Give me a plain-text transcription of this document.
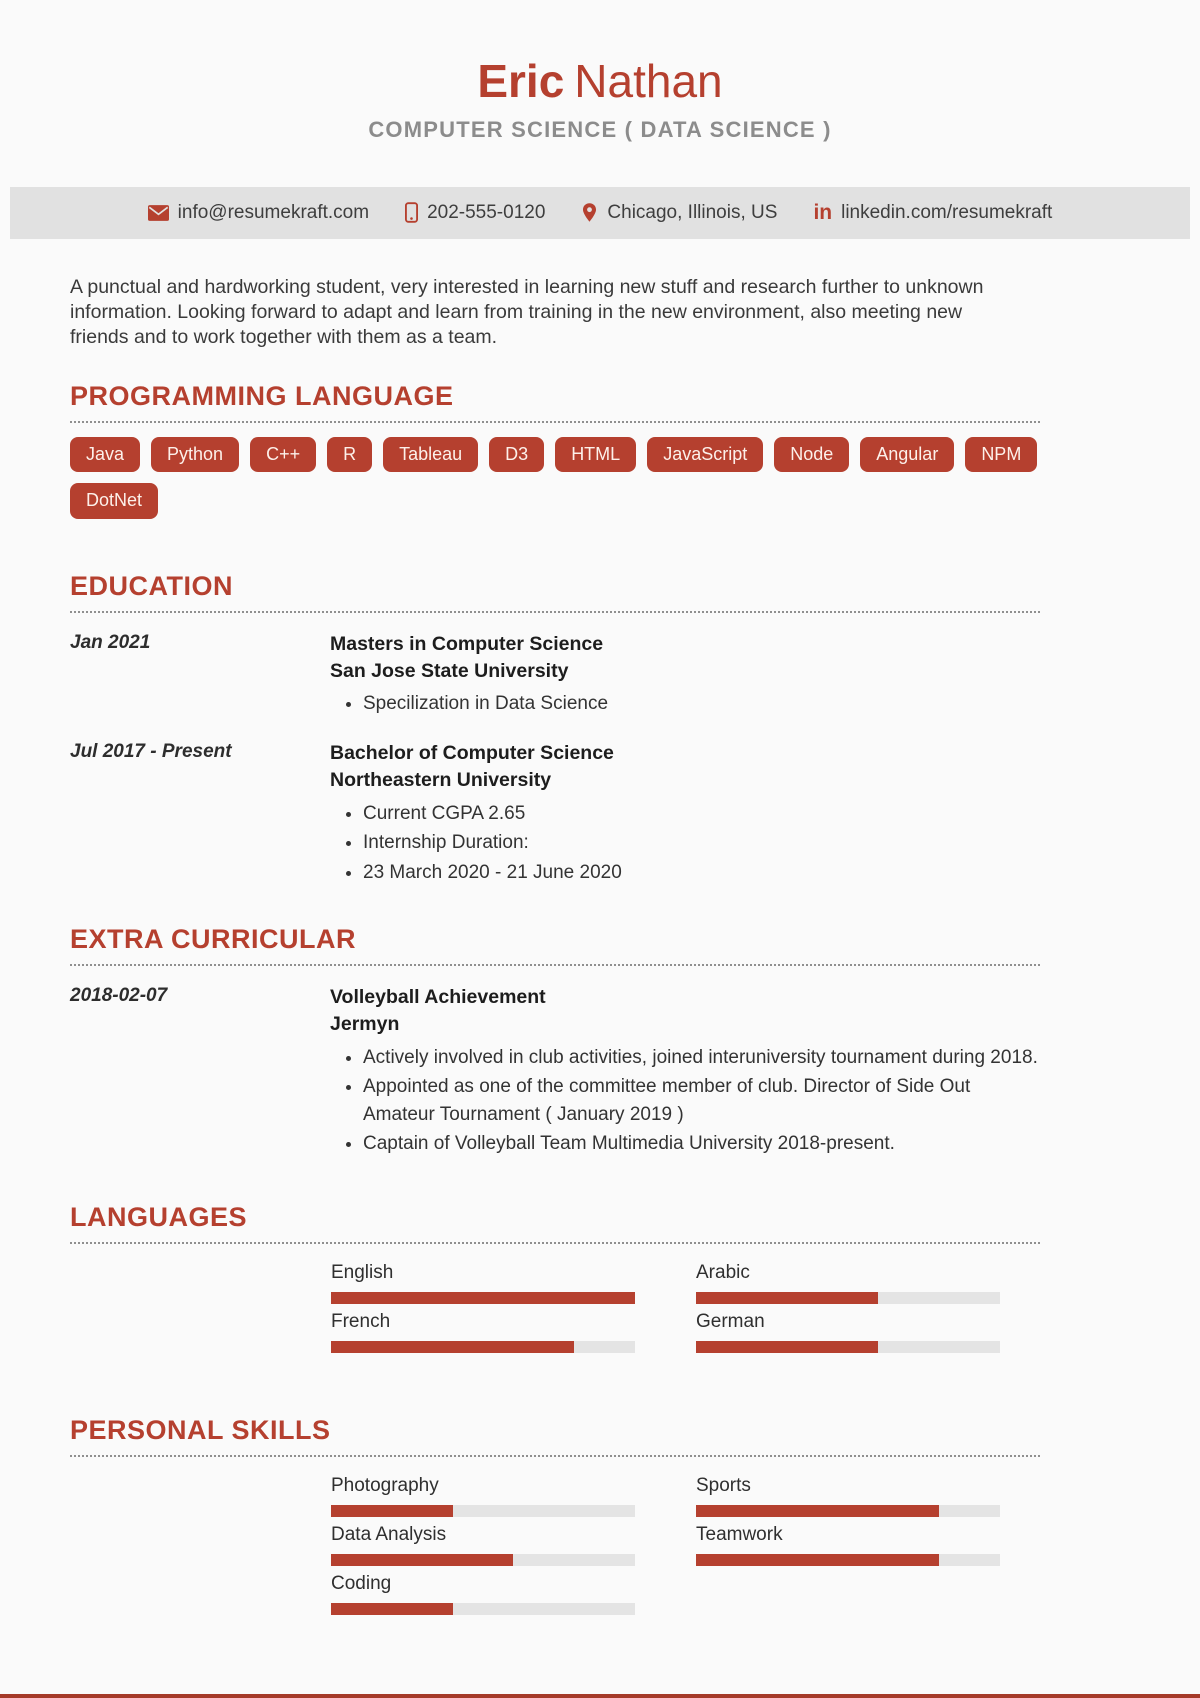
Eric Nathan
COMPUTER SCIENCE ( DATA SCIENCE )
info@resumekraft.com	202-555-0120	Chicago, Illinois, US in linkedin.com/resumekraft

A punctual and hardworking student, very interested in learning new stuff and research further to unknown information. Looking forward to adapt and learn from training in the new environment, also meeting new friends and to work together with them as a team.

PROGRAMMING LANGUAGE
Java	Python	C++	R	Tableau	D3	HTML	JavaScript	Node	Angular	NPM
DotNet
EDUCATION
Jan 2021	Masters in Computer Science
San Jose State University
• Specilization in Data Science
Jul 2017 - Present	Bachelor of Computer Science
Northeastern University
• Current CGPA 2.65
• Internship Duration:
• 23 March 2020 - 21 June 2020
EXTRA CURRICULAR
2018-02-07	Volleyball Achievement
Jermyn
• Actively involved in club activities, joined interuniversity tournament during 2018.
• Appointed as one of the committee member of club. Director of Side Out Amateur Tournament ( January 2019 )
• Captain of Volleyball Team Multimedia University 2018-present.
LANGUAGES
English	Arabic
French	German
PERSONAL SKILLS
Photography	Sports
Data Analysis	Teamwork
Coding
